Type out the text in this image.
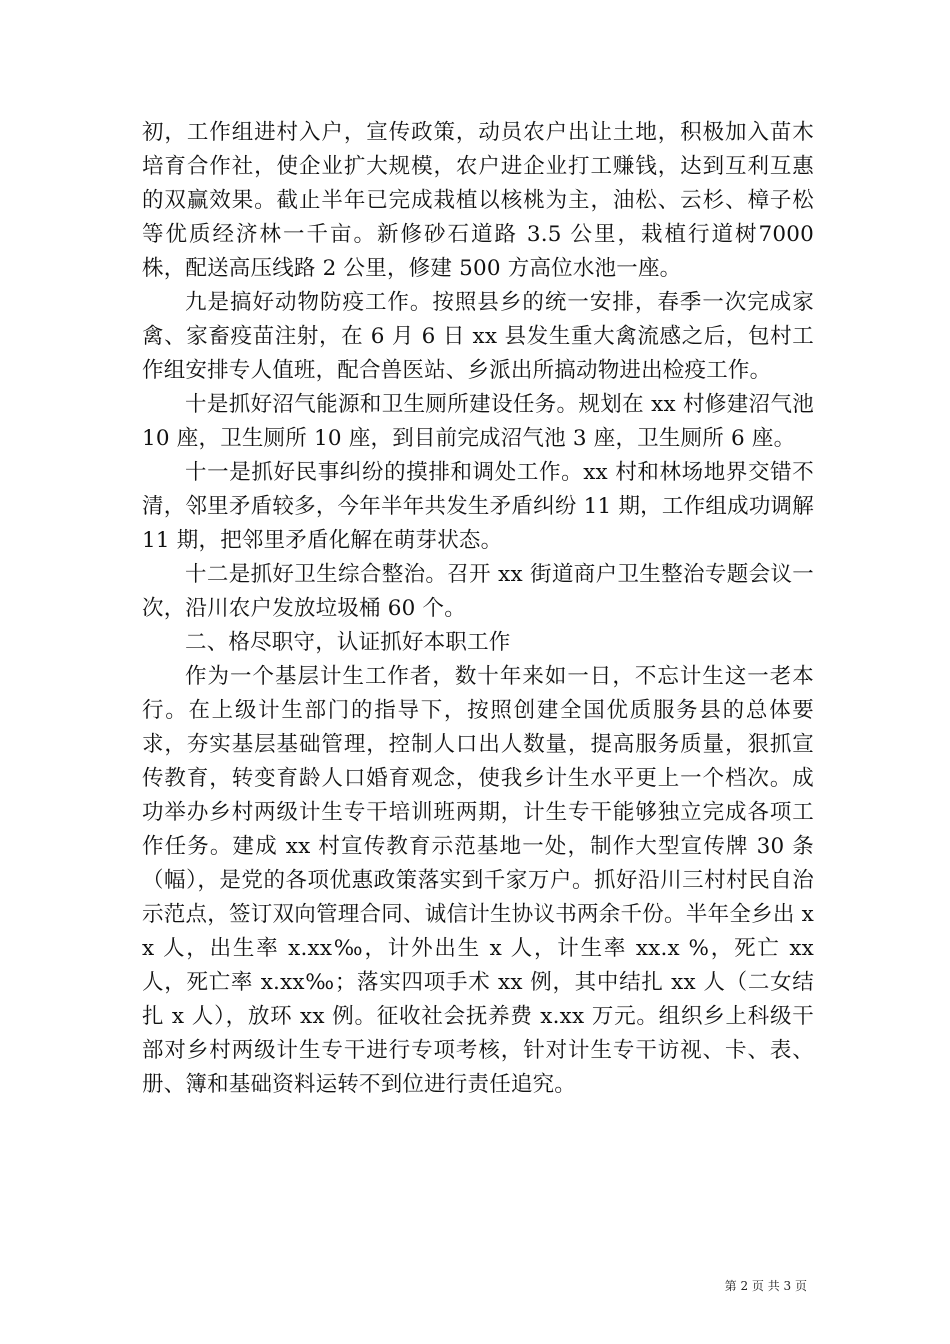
初，工作组进村入户，宣传政策，动员农户出让土地，积极加入苗木培育合作社，使企业扩大规模，农户进企业打工赚钱，达到互利互惠的双赢效果。截止半年已完成栽植以核桃为主，油松、云杉、樟子松等优质经济林一千亩。新修砂石道路 3.5 公里，栽植行道树7000 株，配送高压线路 2 公里，修建 500 方高位水池一座。

九是搞好动物防疫工作。按照县乡的统一安排，春季一次完成家禽、家畜疫苗注射，在 6 月 6 日 xx 县发生重大禽流感之后，包村工作组安排专人值班，配合兽医站、乡派出所搞动物进出检疫工作。

十是抓好沼气能源和卫生厕所建设任务。规划在 xx 村修建沼气池 10 座，卫生厕所 10 座，到目前完成沼气池 3 座，卫生厕所 6 座。

十一是抓好民事纠纷的摸排和调处工作。xx 村和林场地界交错不清，邻里矛盾较多，今年半年共发生矛盾纠纷 11 期，工作组成功调解 11 期，把邻里矛盾化解在萌芽状态。

十二是抓好卫生综合整治。召开 xx 街道商户卫生整治专题会议一次，沿川农户发放垃圾桶 60 个。

二、格尽职守，认证抓好本职工作

作为一个基层计生工作者，数十年来如一日，不忘计生这一老本行。在上级计生部门的指导下，按照创建全国优质服务县的总体要求，夯实基层基础管理，控制人口出人数量，提高服务质量，狠抓宣传教育，转变育龄人口婚育观念，使我乡计生水平更上一个档次。成功举办乡村两级计生专干培训班两期，计生专干能够独立完成各项工作任务。建成 xx 村宣传教育示范基地一处，制作大型宣传牌 30 条（幅），是党的各项优惠政策落实到千家万户。抓好沿川三村村民自治示范点，签订双向管理合同、诚信计生协议书两余千份。半年全乡出 xx 人，出生率 x.xx‰，计外出生 x 人，计生率 xx.x %，死亡 xx 人，死亡率 x.xx‰；落实四项手术 xx 例，其中结扎 xx 人（二女结扎 x 人），放环 xx 例。征收社会抚养费 x.xx 万元。组织乡上科级干部对乡村两级计生专干进行专项考核，针对计生专干访视、卡、表、册、簿和基础资料运转不到位进行责任追究。

第 2 页 共 3 页
